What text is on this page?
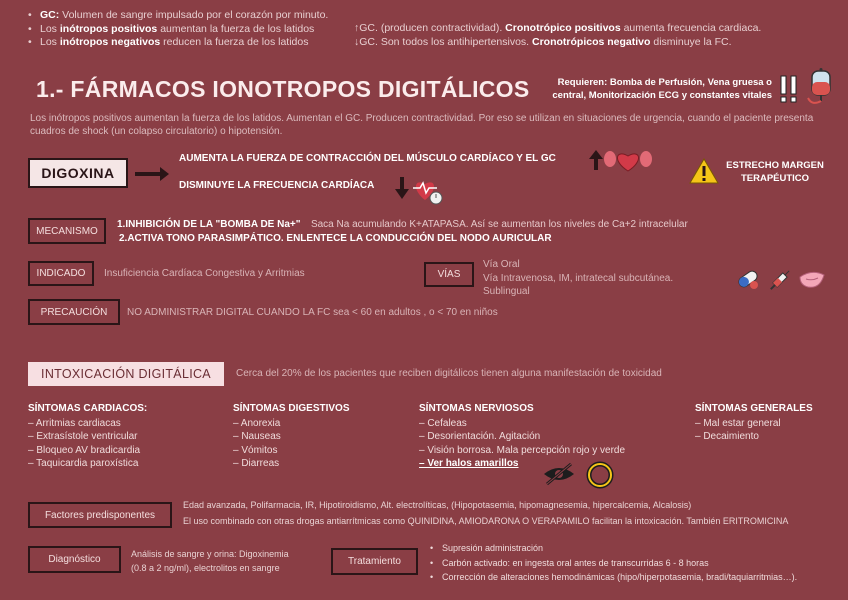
• GC: Volumen de sangre impulsado por el corazón por minuto.
• Los inótropos positivos aumentan la fuerza de los latidos
• Los inótropos negativos reducen la fuerza de los latidos
↑GC. (producen contractividad). Cronotrópico positivos aumenta frecuencia cardiaca.
↓GC. Son todos los antihipertensivos. Cronotrópicos negativo disminuye la FC.
1.- FÁRMACOS IONOTROPOS DIGITÁLICOS	Requieren: Bomba de Perfusión, Vena gruesa o central, Monitorización ECG y constantes vitales
Los inótropos positivos aumentan la fuerza de los latidos. Aumentan el GC. Producen contractividad. Por eso se utilizan en situaciones de urgencia, cuando el paciente presenta cuadros de shock (un colapso circulatorio) o hipotensión.
DIGOXINA
AUMENTA LA FUERZA DE CONTRACCIÓN DEL MÚSCULO CARDÍACO Y EL GC
DISMINUYE LA FRECUENCIA CARDÍACA
ESTRECHO MARGEN TERAPÉUTICO
MECANISMO
1.INHIBICIÓN DE LA "BOMBA DE Na+" Saca Na acumulando K+ATAPASA. Así se aumentan los niveles de Ca+2 intracelular
2.ACTIVA TONO PARASIMPÁTICO. ENLENTECE LA CONDUCCIÓN DEL NODO AURICULAR
INDICADO	Insuficiencia Cardíaca Congestiva y Arritmias	VÍAS
Vía Oral
Vía Intravenosa, IM, intratecal subcutánea.
Sublingual
PRECAUCIÓN	NO ADMINISTRAR DIGITAL CUANDO LA FC sea < 60 en adultos , o < 70 en niños
INTOXICACIÓN DIGITÁLICA	Cerca del 20% de los pacientes que reciben digitálicos tienen alguna manifestación de toxicidad
SÍNTOMAS CARDIACOS:
– Arritmias cardiacas
– Extrasístole ventricular
– Bloqueo AV bradicardia
– Taquicardia paroxística
SÍNTOMAS DIGESTIVOS
– Anorexia
– Nauseas
– Vómitos
– Diarreas
SÍNTOMAS NERVIOSOS
– Cefaleas
– Desorientación. Agitación
– Visión borrosa. Mala percepción rojo y verde
– Ver halos amarillos
SÍNTOMAS GENERALES
– Mal estar general
– Decaimiento
Factores predisponentes
Edad avanzada, Polifarmacia, IR, Hipotiroidismo, Alt. electrolíticas, (Hipopotasemia, hipomagnesemia, hipercalcemia, Alcalosis)
El uso combinado con otras drogas antiarrítmicas como QUINIDINA, AMIODARONA O VERAPAMILO facilitan la intoxicación. También ERITROMICINA
Diagnóstico	Análisis de sangre y orina: Digoxinemia
(0.8 a 2 ng/ml), electrolitos en sangre
Tratamiento
• Supresión administración
• Carbón activado: en ingesta oral antes de transcurridas 6 - 8 horas
• Corrección de alteraciones hemodinámicas (hipo/hiperpotasemia, bradi/taquiarritmias…).
